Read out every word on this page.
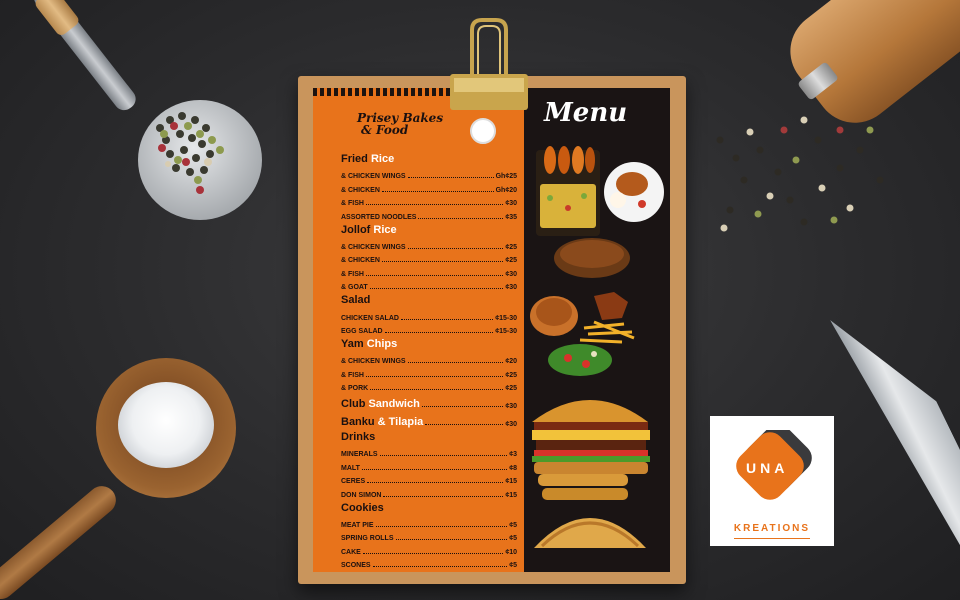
Prisey Bakes
& Food
Fried Rice
& CHICKEN WINGS	Gh¢25
& CHICKEN	Gh¢20
& FISH	¢30
ASSORTED NOODLES	¢35
Jollof Rice
& CHICKEN WINGS	¢25
& CHICKEN	¢25
& FISH	¢30
& GOAT	¢30
Salad
CHICKEN SALAD	¢15-30
EGG SALAD	¢15-30
Yam Chips
& CHICKEN WINGS	¢20
& FISH	¢25
& PORK	¢25
Club Sandwich	¢30
Banku & Tilapia	¢30
Drinks
MINERALS	¢3
MALT	¢8
CERES	¢15
DON SIMON	¢15
Cookies
MEAT PIE	¢5
SPRING ROLLS	¢5
CAKE	¢10
SCONES	¢5
Menu
UNA
KREATIONS
